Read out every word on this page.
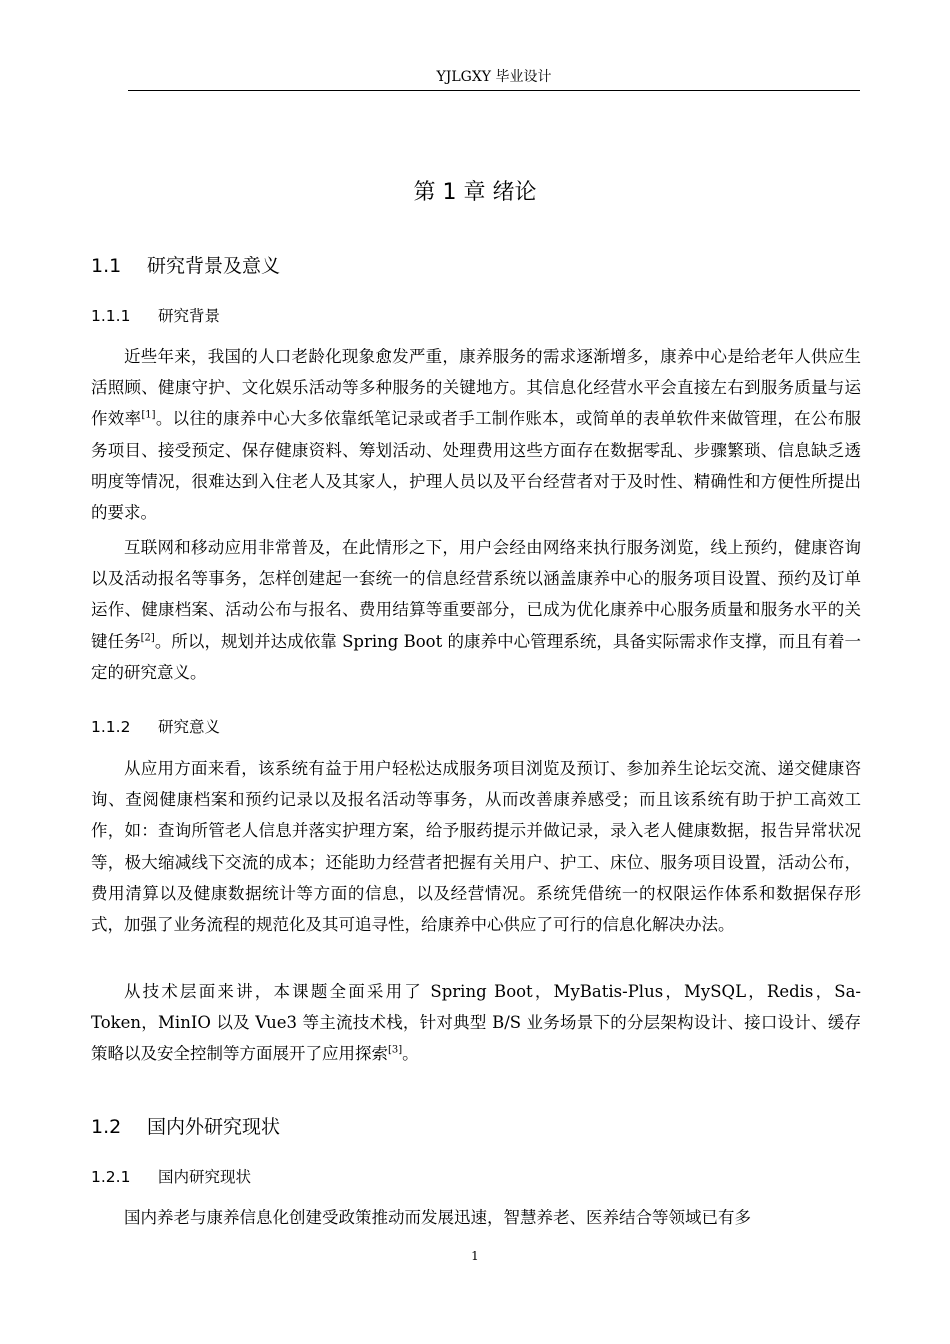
YJLGXY 毕业设计
第 1 章 绪论
1.1 研究背景及意义
1.1.1 研究背景

近些年来，我国的人口老龄化现象愈发严重，康养服务的需求逐渐增多，康养中心是给老年人供应生活照顾、健康守护、文化娱乐活动等多种服务的关键地方。其信息化经营水平会直接左右到服务质量与运作效率[1]。以往的康养中心大多依靠纸笔记录或者手工制作账本，或简单的表单软件来做管理，在公布服务项目、接受预定、保存健康资料、筹划活动、处理费用这些方面存在数据零乱、步骤繁琐、信息缺乏透明度等情况，很难达到入住老人及其家人，护理人员以及平台经营者对于及时性、精确性和方便性所提出的要求。

互联网和移动应用非常普及，在此情形之下，用户会经由网络来执行服务浏览，线上预约，健康咨询以及活动报名等事务，怎样创建起一套统一的信息经营系统以涵盖康养中心的服务项目设置、预约及订单运作、健康档案、活动公布与报名、费用结算等重要部分，已成为优化康养中心服务质量和服务水平的关键任务[2]。所以，规划并达成依靠 Spring Boot 的康养中心管理系统，具备实际需求作支撑，而且有着一定的研究意义。

1.1.2 研究意义

从应用方面来看，该系统有益于用户轻松达成服务项目浏览及预订、参加养生论坛交流、递交健康咨询、查阅健康档案和预约记录以及报名活动等事务，从而改善康养感受；而且该系统有助于护工高效工作，如：查询所管老人信息并落实护理方案，给予服药提示并做记录，录入老人健康数据，报告异常状况等，极大缩减线下交流的成本；还能助力经营者把握有关用户、护工、床位、服务项目设置，活动公布，费用清算以及健康数据统计等方面的信息，以及经营情况。系统凭借统一的权限运作体系和数据保存形式，加强了业务流程的规范化及其可追寻性，给康养中心供应了可行的信息化解决办法。

从技术层面来讲，本课题全面采用了 Spring Boot，MyBatis-Plus，MySQL，Redis，Sa-Token，MinIO 以及 Vue3 等主流技术栈，针对典型 B/S 业务场景下的分层架构设计、接口设计、缓存策略以及安全控制等方面展开了应用探索[3]。

1.2 国内外研究现状
1.2.1 国内研究现状

国内养老与康养信息化创建受政策推动而发展迅速，智慧养老、医养结合等领域已有多

1
